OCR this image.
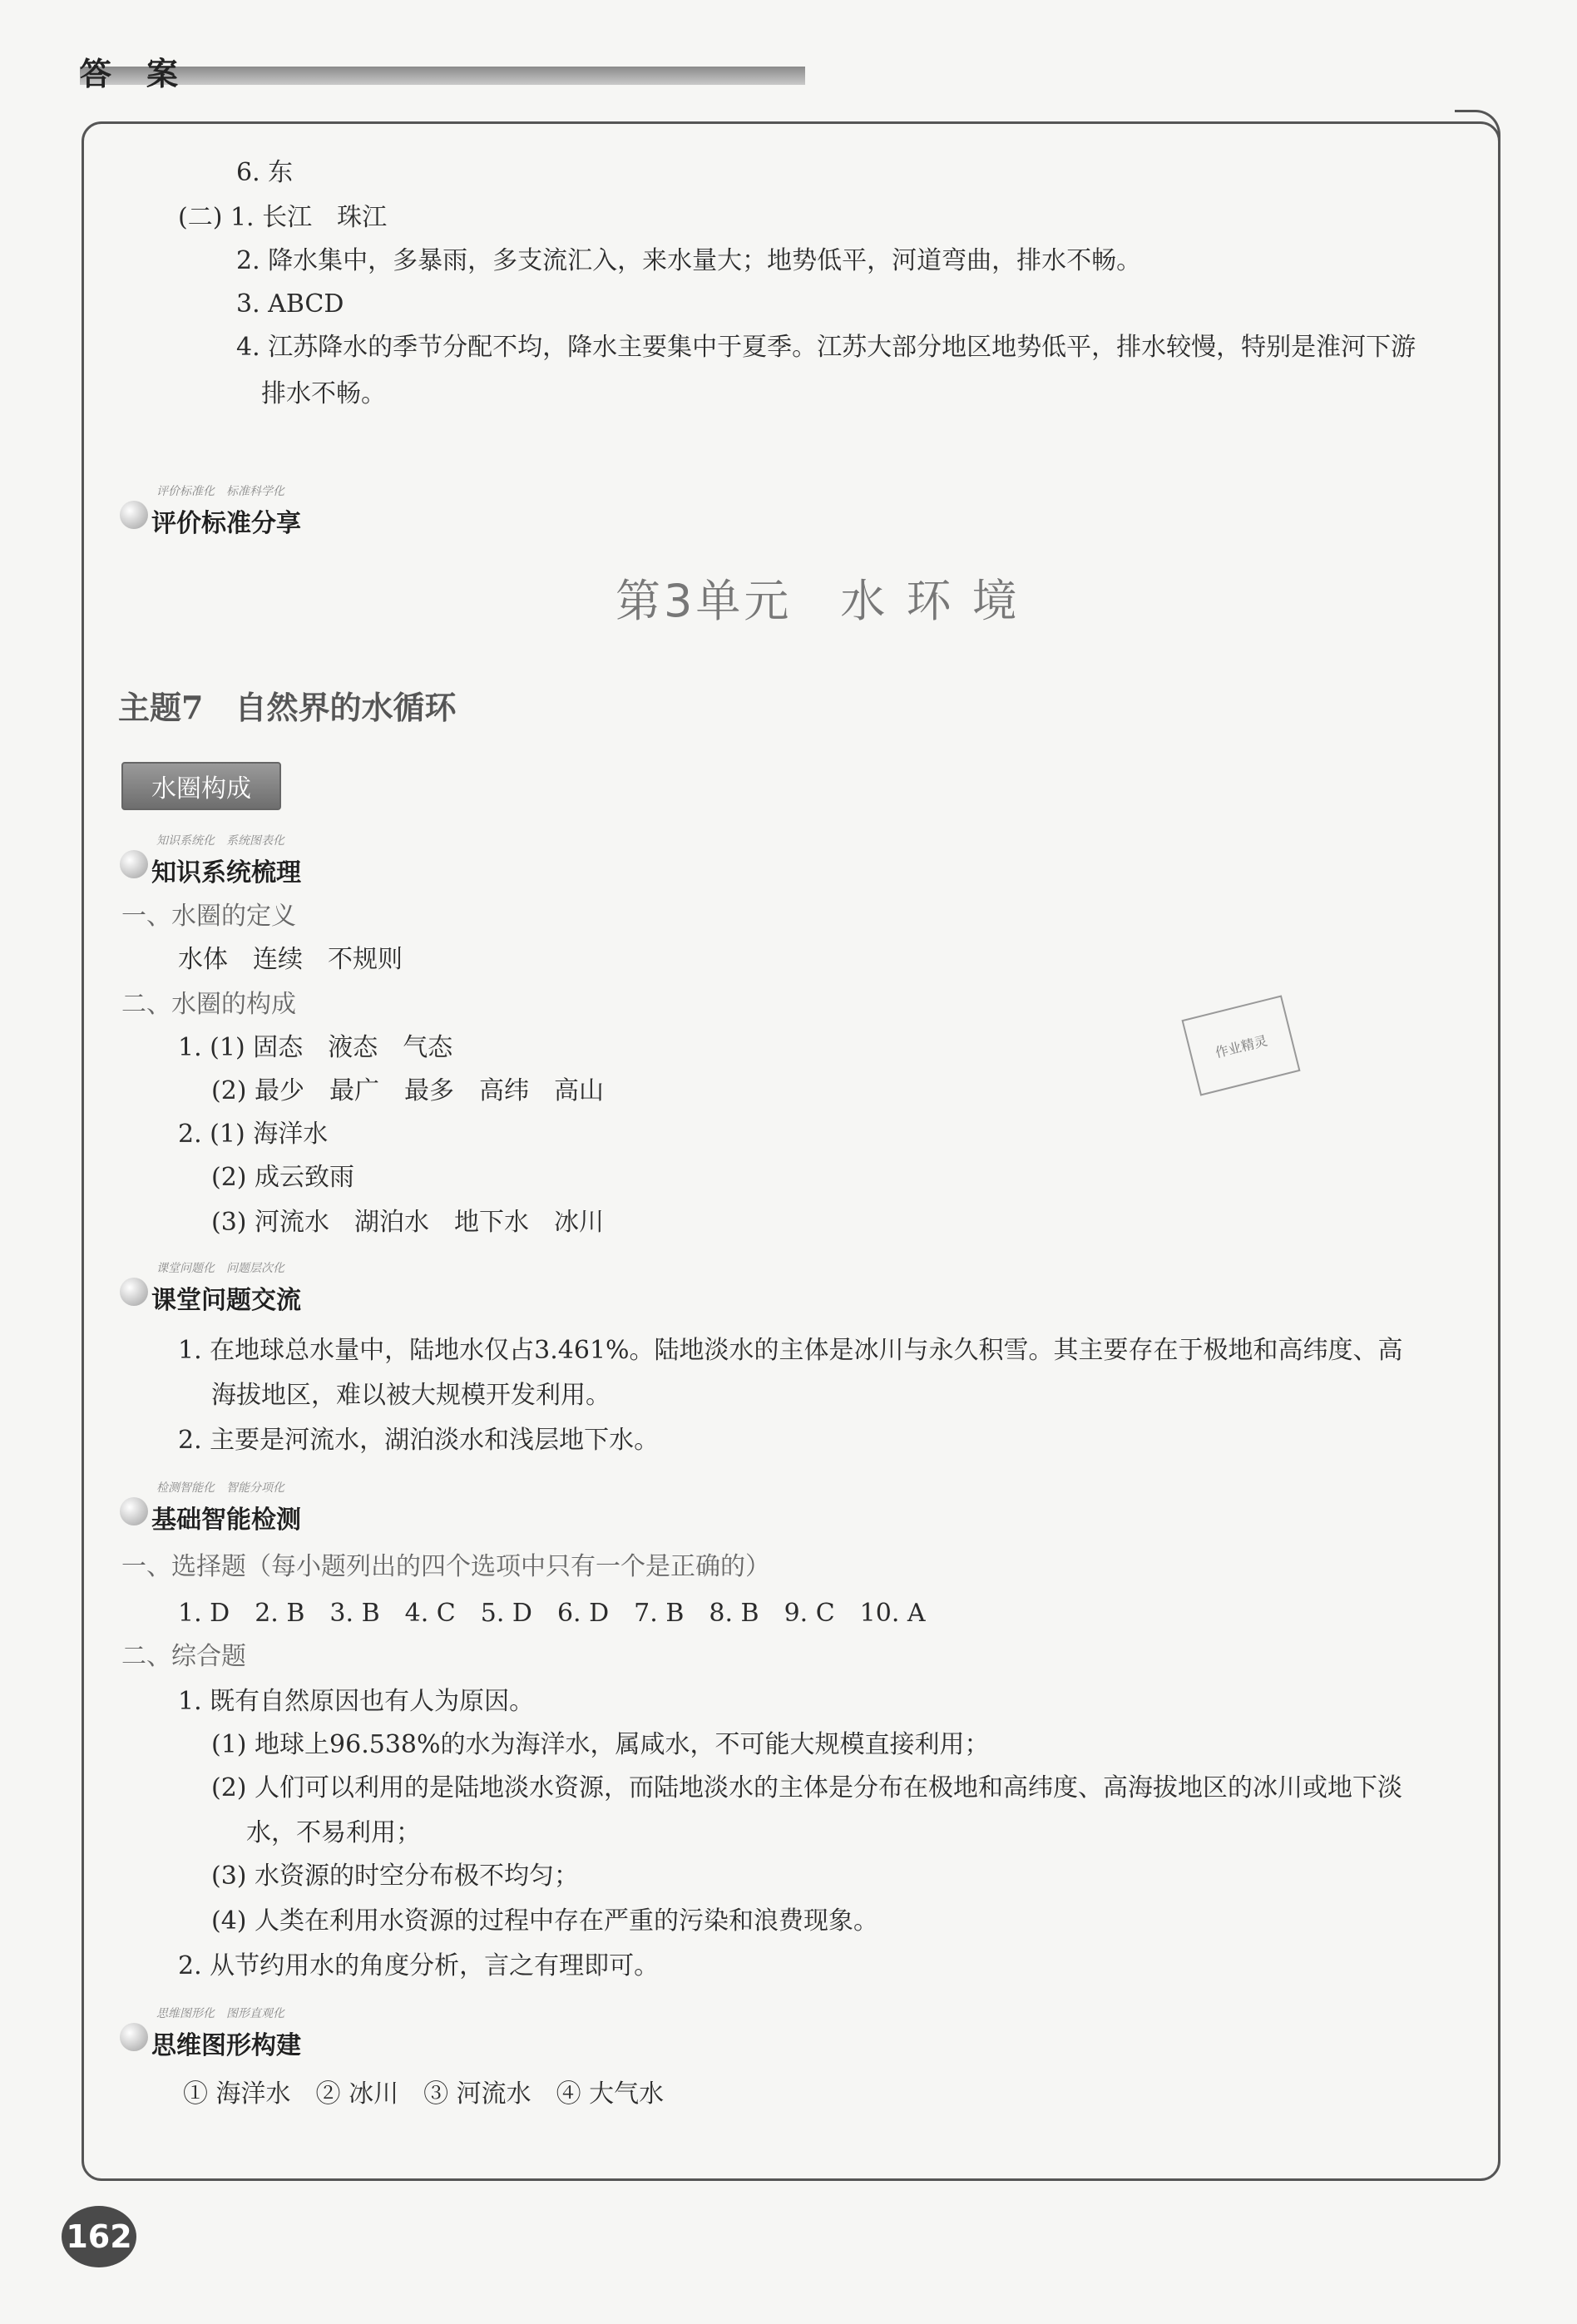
答　案
6. 东
(二) 1. 长江　珠江
2. 降水集中，多暴雨，多支流汇入，来水量大；地势低平，河道弯曲，排水不畅。
3. ABCD
4. 江苏降水的季节分配不均，降水主要集中于夏季。江苏大部分地区地势低平，排水较慢，特别是淮河下游
排水不畅。
评价标准化　标准科学化
评价标准分享
第3单元　水 环 境
主题7　自然界的水循环
水圈构成
知识系统化　系统图表化
知识系统梳理
一、水圈的定义
水体　连续　不规则
二、水圈的构成
1. (1) 固态　液态　气态
(2) 最少　最广　最多　高纬　高山
2. (1) 海洋水
(2) 成云致雨
(3) 河流水　湖泊水　地下水　冰川
作业精灵
课堂问题化　问题层次化
课堂问题交流
1. 在地球总水量中，陆地水仅占3.461%。陆地淡水的主体是冰川与永久积雪。其主要存在于极地和高纬度、高
海拔地区，难以被大规模开发利用。
2. 主要是河流水，湖泊淡水和浅层地下水。
检测智能化　智能分项化
基础智能检测
一、选择题（每小题列出的四个选项中只有一个是正确的）
1. D　2. B　3. B　4. C　5. D　6. D　7. B　8. B　9. C　10. A
二、综合题
1. 既有自然原因也有人为原因。
(1) 地球上96.538%的水为海洋水，属咸水，不可能大规模直接利用；
(2) 人们可以利用的是陆地淡水资源，而陆地淡水的主体是分布在极地和高纬度、高海拔地区的冰川或地下淡
水，不易利用；
(3) 水资源的时空分布极不均匀；
(4) 人类在利用水资源的过程中存在严重的污染和浪费现象。
2. 从节约用水的角度分析，言之有理即可。
思维图形化　图形直观化
思维图形构建
① 海洋水　② 冰川　③ 河流水　④ 大气水
162
